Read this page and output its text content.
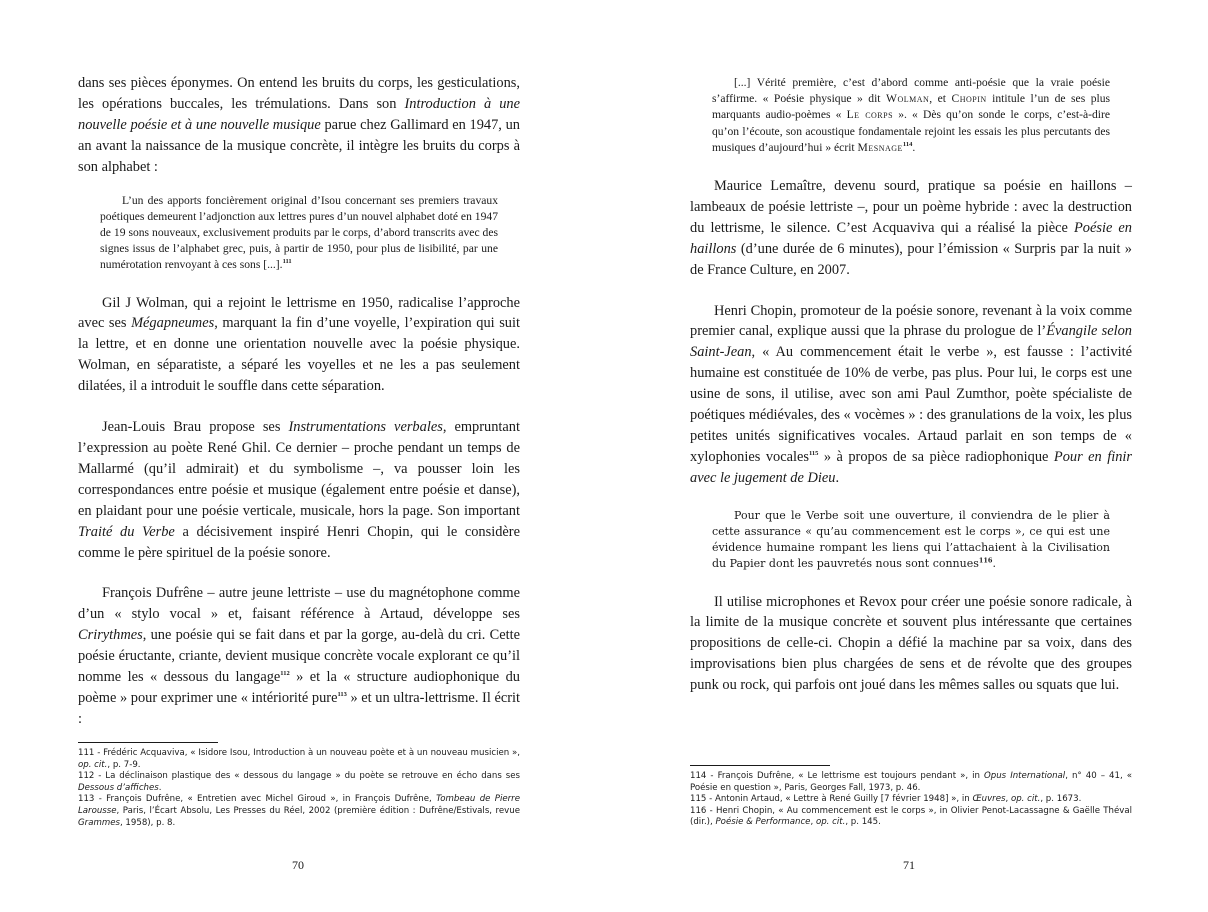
dans ses pièces éponymes. On entend les bruits du corps, les gesticulations, les opérations buccales, les trémulations. Dans son Introduction à une nouvelle poésie et à une nouvelle musique parue chez Gallimard en 1947, un an avant la naissance de la musique concrète, il intègre les bruits du corps à son alphabet :

L’un des apports foncièrement original d’Isou concernant ses premiers travaux poétiques demeurent l’adjonction aux lettres pures d’un nouvel alphabet doté en 1947 de 19 sons nouveaux, exclusivement produits par le corps, d’abord transcrits avec des signes issus de l’alphabet grec, puis, à partir de 1950, pour plus de lisibilité, par une numérotation renvoyant à ces sons [...].$^{111}$

Gil J Wolman, qui a rejoint le lettrisme en 1950, radicalise l’approche avec ses Mégapneumes, marquant la fin d’une voyelle, l’expiration qui suit la lettre, et en donne une orientation nouvelle avec la poésie physique. Wolman, en séparatiste, a séparé les voyelles et ne les a pas seulement dilatées, il a introduit le souffle dans cette séparation.

Jean-Louis Brau propose ses Instrumentations verbales, empruntant l’expression au poète René Ghil. Ce dernier – proche pendant un temps de Mallarmé (qu’il admirait) et du symbolisme –, va pousser loin les correspondances entre poésie et musique (également entre poésie et danse), en plaidant pour une poésie verticale, musicale, hors la page. Son important Traité du Verbe a décisivement inspiré Henri Chopin, qui le considère comme le père spirituel de la poésie sonore.

François Dufrêne – autre jeune lettriste – use du magnétophone comme d’un « stylo vocal » et, faisant référence à Artaud, développe ses Crirythmes, une poésie qui se fait dans et par la gorge, au-delà du cri. Cette poésie éructante, criante, devient musique concrète vocale explorant ce qu’il nomme les « dessous du langage$^{112}$ » et la « structure audiophonique du poème » pour exprimer une « intériorité pure$^{113}$ » et un ultra-lettrisme. Il écrit :

111 - Frédéric Acquaviva, « Isidore Isou, Introduction à un nouveau poète et à un nouveau musicien », op. cit., p. 7-9.

112 - La déclinaison plastique des « dessous du langage » du poète se retrouve en écho dans ses Dessous d’affiches.

113 - François Dufrêne, « Entretien avec Michel Giroud », in François Dufrêne, Tombeau de Pierre Larousse, Paris, l’Écart Absolu, Les Presses du Réel, 2002 (première édition : Dufrêne/Estivals, revue Grammes, 1958), p. 8.

70

[...] Vérité première, c’est d’abord comme anti-poésie que la vraie poésie s’affirme. « Poésie physique » dit Wolman, et Chopin intitule l’un de ses plus marquants audio-poèmes « Le corps ». « Dès qu’on sonde le corps, c’est-à-dire qu’on l’écoute, son acoustique fondamentale rejoint les essais les plus percutants des musiques d’aujourd’hui » écrit Mesnage$^{114}$.

Maurice Lemaître, devenu sourd, pratique sa poésie en haillons – lambeaux de poésie lettriste –, pour un poème hybride : avec la destruction du lettrisme, le silence. C’est Acquaviva qui a réalisé la pièce Poésie en haillons (d’une durée de 6 minutes), pour l’émission « Surpris par la nuit » de France Culture, en 2007.

Henri Chopin, promoteur de la poésie sonore, revenant à la voix comme premier canal, explique aussi que la phrase du prologue de l’Évangile selon Saint-Jean, « Au commencement était le verbe », est fausse : l’activité humaine est constituée de 10% de verbe, pas plus. Pour lui, le corps est une usine de sons, il utilise, avec son ami Paul Zumthor, poète spécialiste de poétiques médiévales, des « vocèmes » : des granulations de la voix, les plus petites unités significatives vocales. Artaud parlait en son temps de « xylophonies vocales$^{115}$ » à propos de sa pièce radiophonique Pour en finir avec le jugement de Dieu.

Pour que le Verbe soit une ouverture, il conviendra de le plier à cette assurance « qu’au commencement est le corps », ce qui est une évidence humaine rompant les liens qui l’attachaient à la Civilisation du Papier dont les pauvretés nous sont connues$^{116}$.

Il utilise microphones et Revox pour créer une poésie sonore radicale, à la limite de la musique concrète et souvent plus intéressante que certaines propositions de celle-ci. Chopin a défié la machine par sa voix, dans des improvisations bien plus chargées de sens et de révolte que des groupes punk ou rock, qui parfois ont joué dans les mêmes salles ou squats que lui.

114 - François Dufrêne, « Le lettrisme est toujours pendant », in Opus International, n° 40 – 41, « Poésie en question », Paris, Georges Fall, 1973, p. 46.

115 - Antonin Artaud, « Lettre à René Guilly [7 février 1948] », in Œuvres, op. cit., p. 1673.

116 - Henri Chopin, « Au commencement est le corps », in Olivier Penot-Lacassagne & Gaëlle Théval (dir.), Poésie & Performance, op. cit., p. 145.

71
